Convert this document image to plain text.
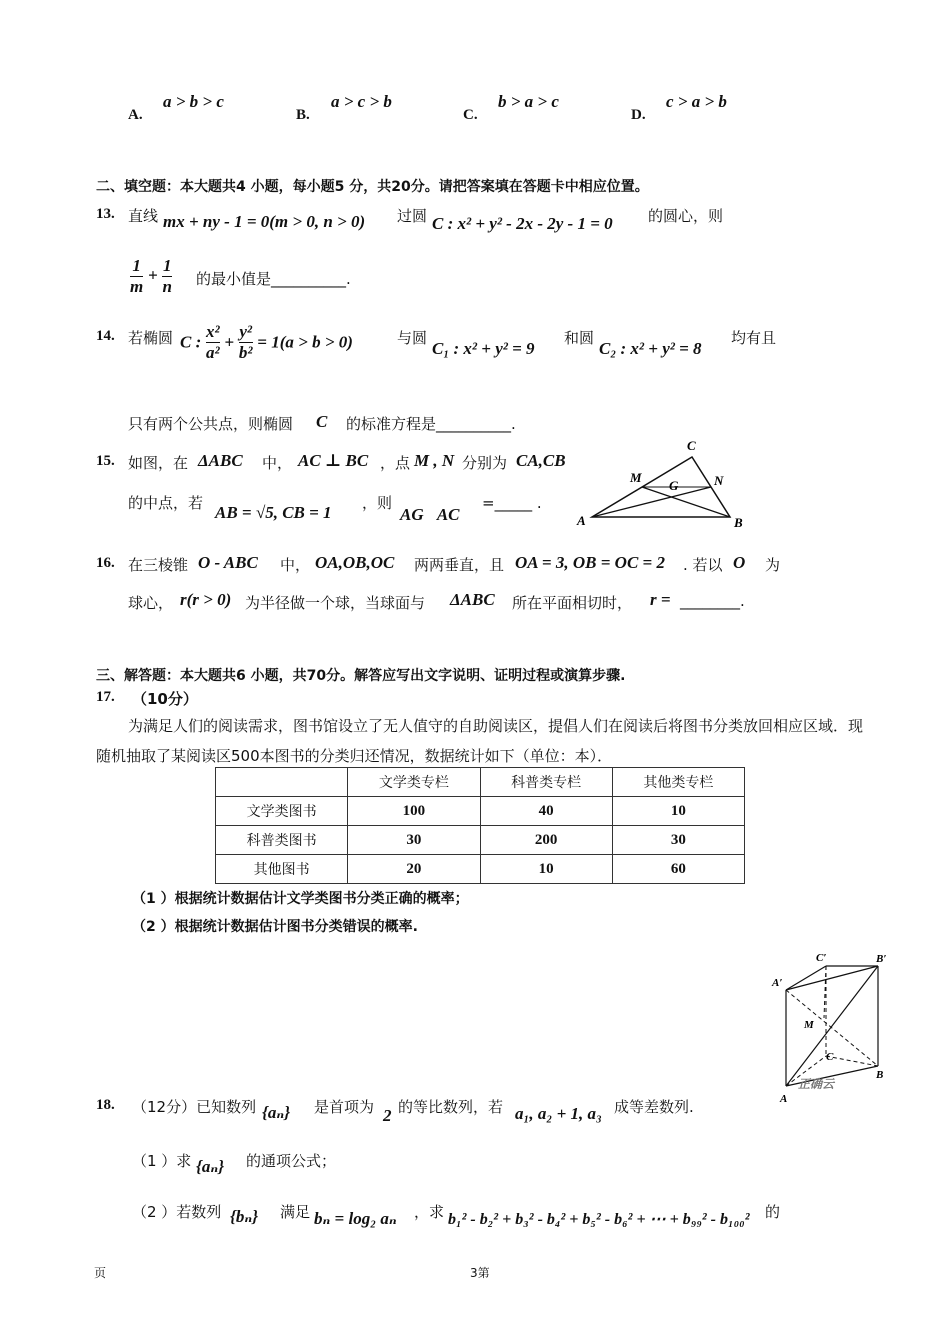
A.
a > b > c
B.
a > c > b
C.
b > a > c
D.
c > a > b
二、填空题：本大题共4 小题，每小题5 分，共20分。请把答案填在答题卡中相应位置。
13. 直线 mx + ny - 1 = 0(m > 0, n > 0) 过圆 C : x² + y² - 2x - 2y - 1 = 0 的圆心，则
$\frac{1}{m} + \frac{1}{n}$ 的最小值是__________.
14. 若椭圆 C : $\frac{\text{x²}}{\text{a²}} + \frac{\text{y²}}{\text{b²}} = 1(a > b > 0)$	与圆
C₁ : x² + y² = 9
和圆
C₂ : x² + y² = 8
均有且
只有两个公共点，则椭圆 C 的标准方程是__________.
15. 如图，在 ΔABC 中， AC ⊥ BC ，点 M , N 分别为 CA,CB
的中点，若 AB = √5, CB = 1 ，则
AG⃗AC
=_____ .
C
M	N
G
A	B
16. 在三棱锥 O - ABC 中， OA,OB,OC 两两垂直，且 OA = 3, OB = OC = 2 . 若以 O 为
球心， r(r > 0) 为半径做一个球，当球面与 ΔABC 所在平面相切时， r = ________.
三、解答题：本大题共6 小题，共70分。解答应写出文字说明、证明过程或演算步骤.
17. （10分）
为满足人们的阅读需求，图书馆设立了无人值守的自助阅读区，提倡人们在阅读后将图书分类放回相应区域．现随机抽取了某阅读区500本图书的分类归还情况，数据统计如下（单位：本）．
	文学类专栏	科普类专栏	其他类专栏
文学类图书	100	40	10
科普类图书	30	200	30
其他图书	20	10	60
（1 ）根据统计数据估计文学类图书分类正确的概率；
（2 ）根据统计数据估计图书分类错误的概率.
C′	B′
A′
M
C
B
A
正确云
18. （12分）已知数列 {aₙ} 是首项为 2 的等比数列，若 a₁, a₂ + 1, a₃ 成等差数列.
（1 ）求 {aₙ} 的通项公式；
（2 ）若数列 {bₙ} 满足 bₙ = log₂ aₙ ，求 b₁² - b₂² + b₃² - b₄² + b₅² - b₆² + ⋯ + b₉₉² - b₁₀₀² 的
页	3第
